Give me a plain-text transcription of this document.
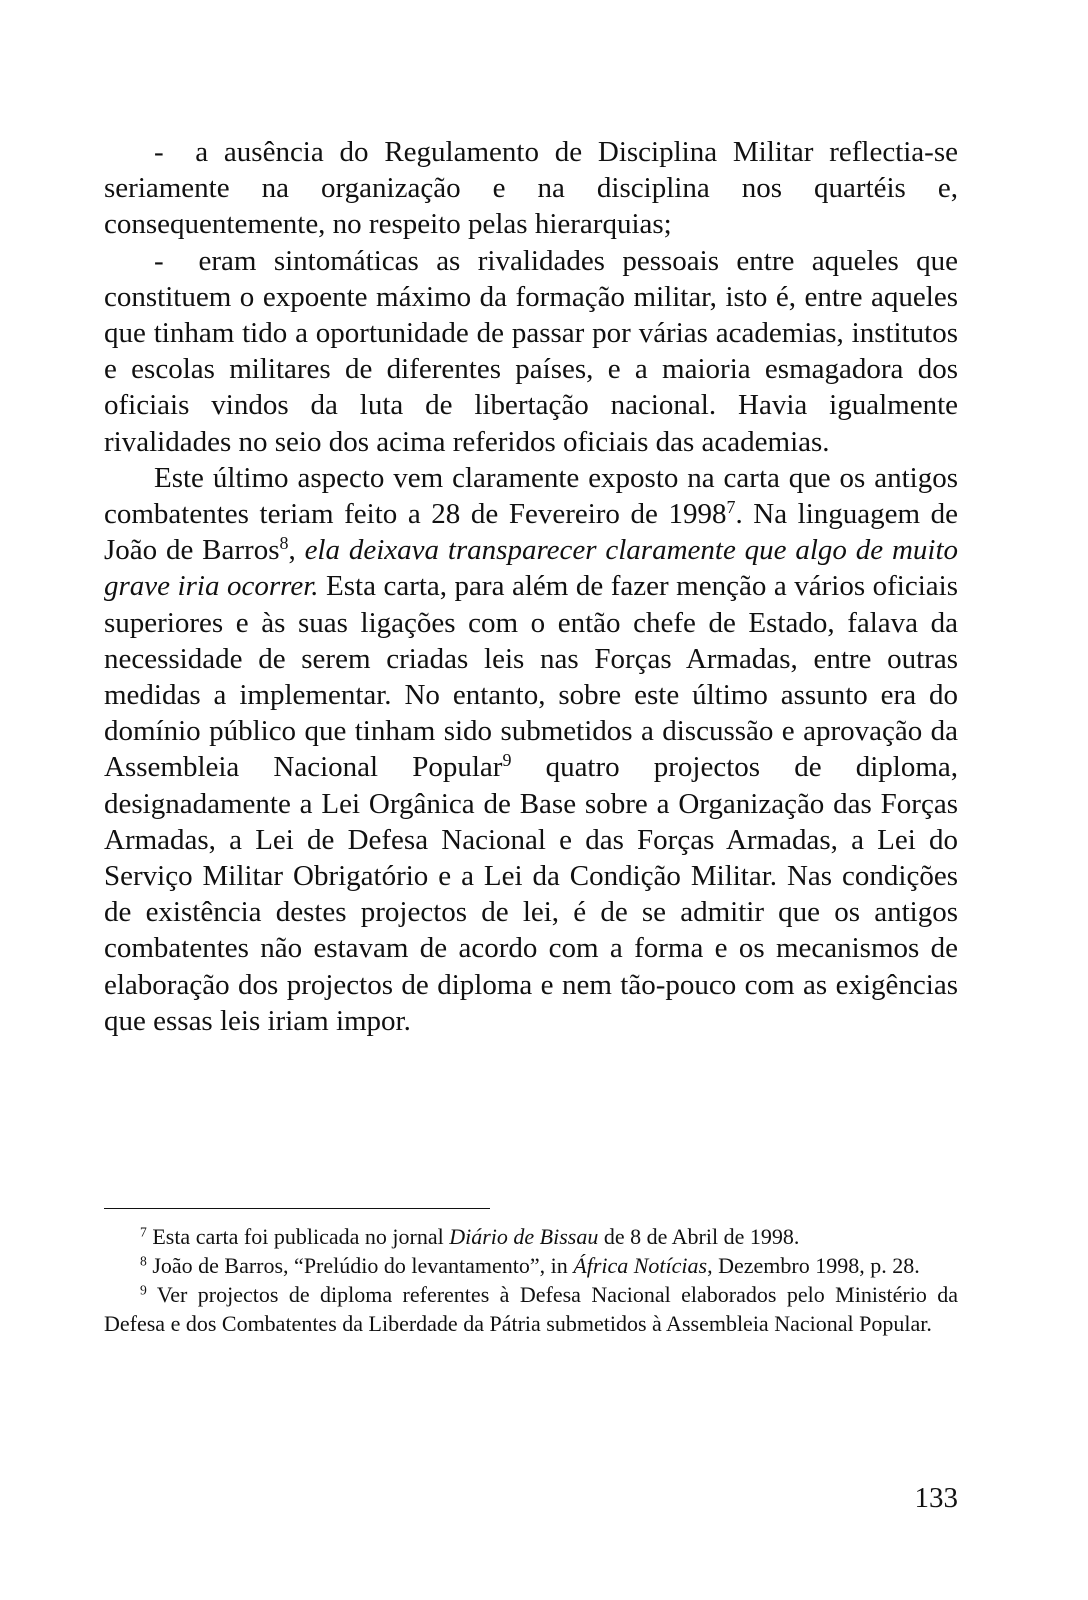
- a ausência do Regulamento de Disciplina Militar reflectia-se seriamente na organização e na disciplina nos quartéis e, consequentemente, no respeito pelas hierarquias;

- eram sintomáticas as rivalidades pessoais entre aqueles que constituem o expoente máximo da formação militar, isto é, entre aqueles que tinham tido a oportunidade de passar por várias academias, institutos e escolas militares de diferentes países, e a maioria esmagadora dos oficiais vindos da luta de libertação nacional. Havia igualmente rivalidades no seio dos acima referidos oficiais das academias.

Este último aspecto vem claramente exposto na carta que os antigos combatentes teriam feito a 28 de Fevereiro de 1998$^7$. Na linguagem de João de Barros$^8$, ela deixava transparecer claramente que algo de muito grave iria ocorrer. Esta carta, para além de fazer menção a vários oficiais superiores e às suas ligações com o então chefe de Estado, falava da necessidade de serem criadas leis nas Forças Armadas, entre outras medidas a implementar. No entanto, sobre este último assunto era do domínio público que tinham sido submetidos a discussão e aprovação da Assembleia Nacional Popular$^9$ quatro projectos de diploma, designadamente a Lei Orgânica de Base sobre a Organização das Forças Armadas, a Lei de Defesa Nacional e das Forças Armadas, a Lei do Serviço Militar Obrigatório e a Lei da Condição Militar. Nas condições de existência destes projectos de lei, é de se admitir que os antigos combatentes não estavam de acordo com a forma e os mecanismos de elaboração dos projectos de diploma e nem tão-pouco com as exigências que essas leis iriam impor.

$^7$ Esta carta foi publicada no jornal Diário de Bissau de 8 de Abril de 1998.

$^8$ João de Barros, “Prelúdio do levantamento”, in África Notícias, Dezembro 1998, p. 28.

$^9$ Ver projectos de diploma referentes à Defesa Nacional elaborados pelo Ministério da Defesa e dos Combatentes da Liberdade da Pátria submetidos à Assembleia Nacional Popular.

133
